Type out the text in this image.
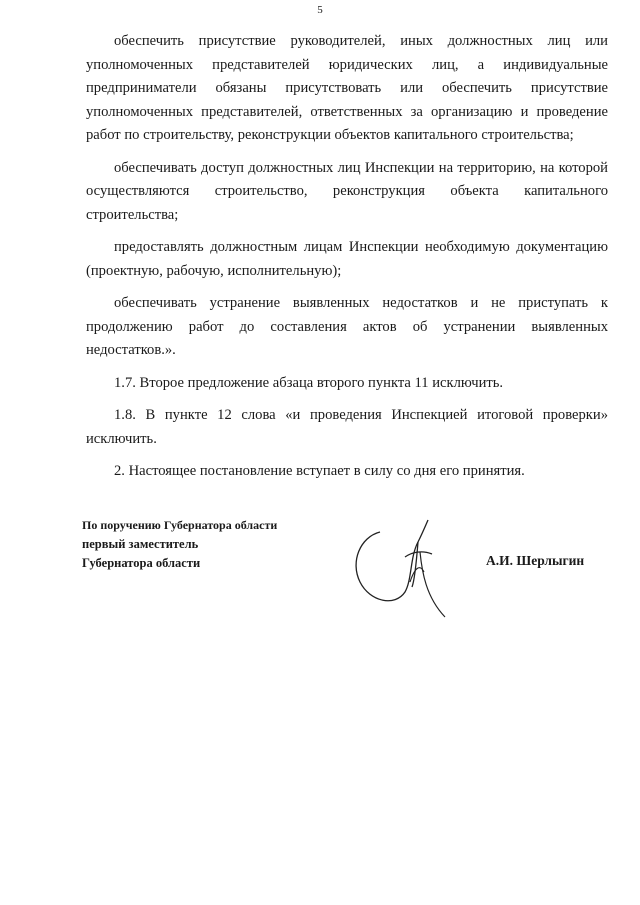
5

обеспечить присутствие руководителей, иных должностных лиц или уполномоченных представителей юридических лиц, а индивидуальные предприниматели обязаны присутствовать или обеспечить присутствие уполномоченных представителей, ответственных за организацию и проведение работ по строительству, реконструкции объектов капитального строительства;

обеспечивать доступ должностных лиц Инспекции на территорию, на которой осуществляются строительство, реконструкция объекта капитального строительства;

предоставлять должностным лицам Инспекции необходимую документацию (проектную, рабочую, исполнительную);

обеспечивать устранение выявленных недостатков и не приступать к продолжению работ до составления актов об устранении выявленных недостатков.».

1.7. Второе предложение абзаца второго пункта 11 исключить.

1.8. В пункте 12 слова «и проведения Инспекцией итоговой проверки» исключить.

2. Настоящее постановление вступает в силу со дня его принятия.

По поручению Губернатора области
первый заместитель
Губернатора области	А.И. Шерлыгин
